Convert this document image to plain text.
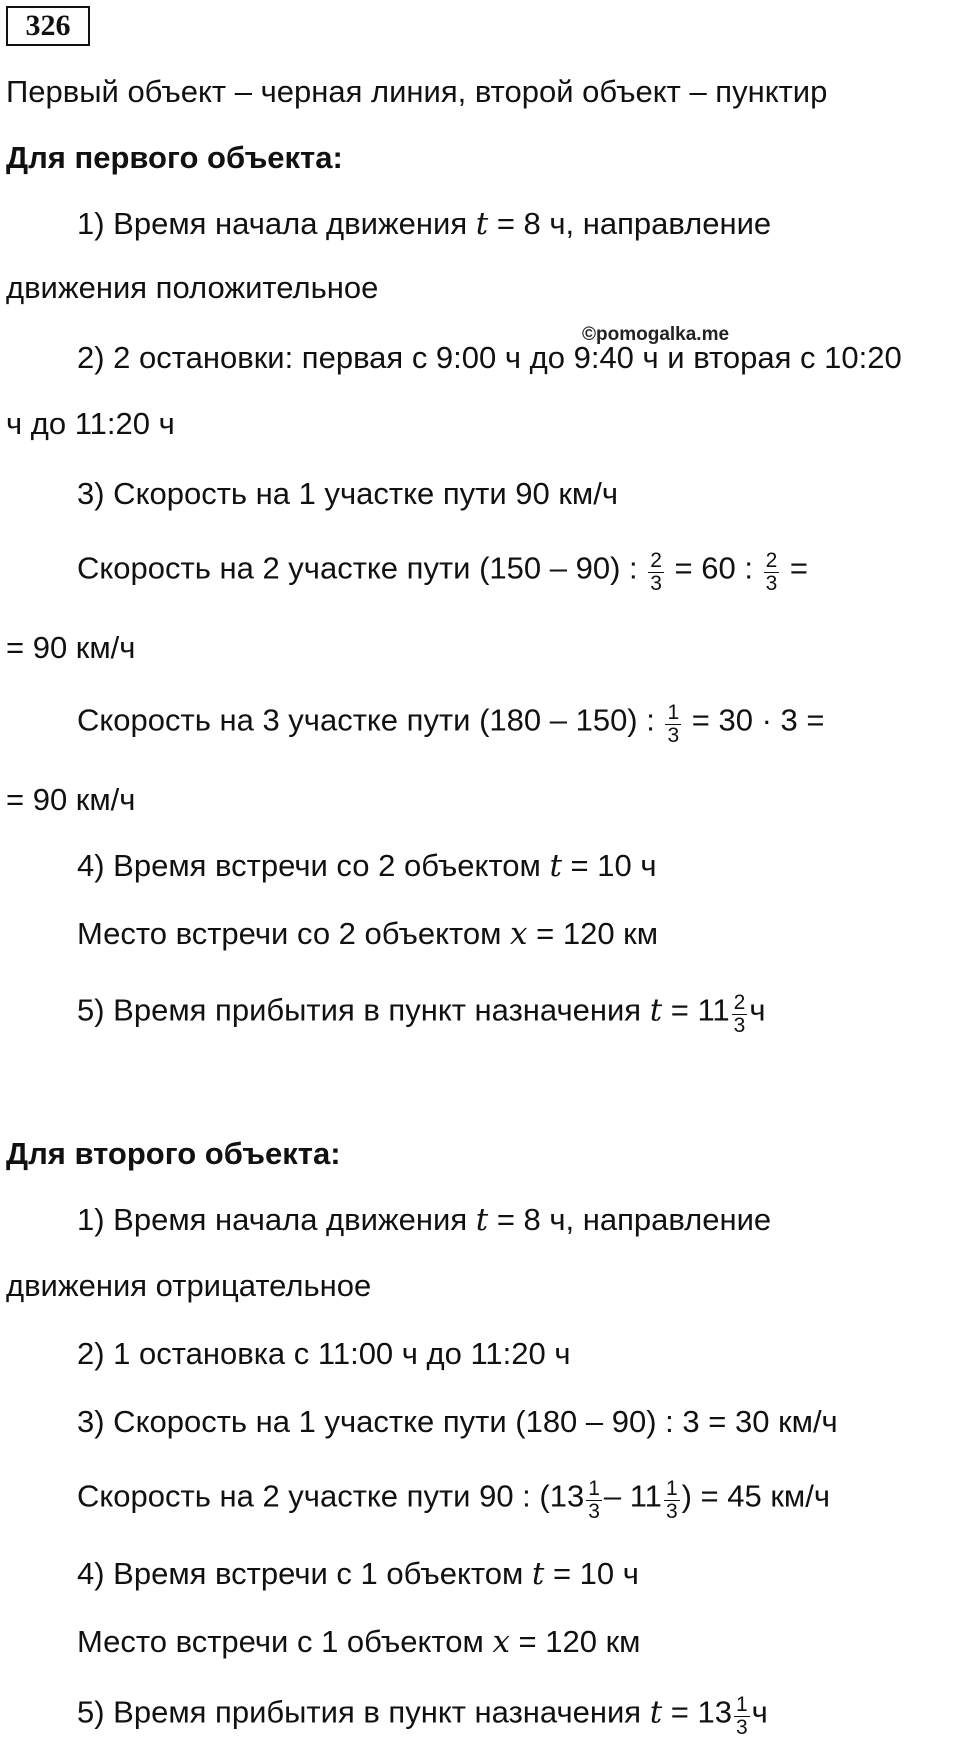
326
Первый объект – черная линия, второй объект – пунктир
Для первого объекта:
1) Время начала движения t = 8 ч, направление
движения положительное
©pomogalka.me
2) 2 остановки: первая с 9:00 ч до 9:40 ч и вторая с 10:20
ч до 11:20 ч
3) Скорость на 1 участке пути 90 км/ч
Скорость на 2 участке пути (150 – 90) : $\frac{2}{3} = 60$ : $\frac{2}{3}$ =
= 90 км/ч
Скорость на 3 участке пути (180 – 150) : $\frac{1}{3} = 30 \cdot 3$ =
= 90 км/ч
4) Время встречи со 2 объектом t = 10 ч
Место встречи со 2 объектом x = 120 км
5) Время прибытия в пункт назначения $t = 11 \frac{2}{3}$ ч
Для второго объекта:
1) Время начала движения t = 8 ч, направление
движения отрицательное
2) 1 остановка с 11:00 ч до 11:20 ч
3) Скорость на 1 участке пути (180 – 90) : 3 = 30 км/ч
Скорость на 2 участке пути 90 : ($13 \frac{1}{3} - 11 \frac{1}{3}$ ) = 45 км/ч
4) Время встречи с 1 объектом t = 10 ч
Место встречи с 1 объектом x = 120 км
5) Время прибытия в пункт назначения $t = 13 \frac{1}{3}$ ч
